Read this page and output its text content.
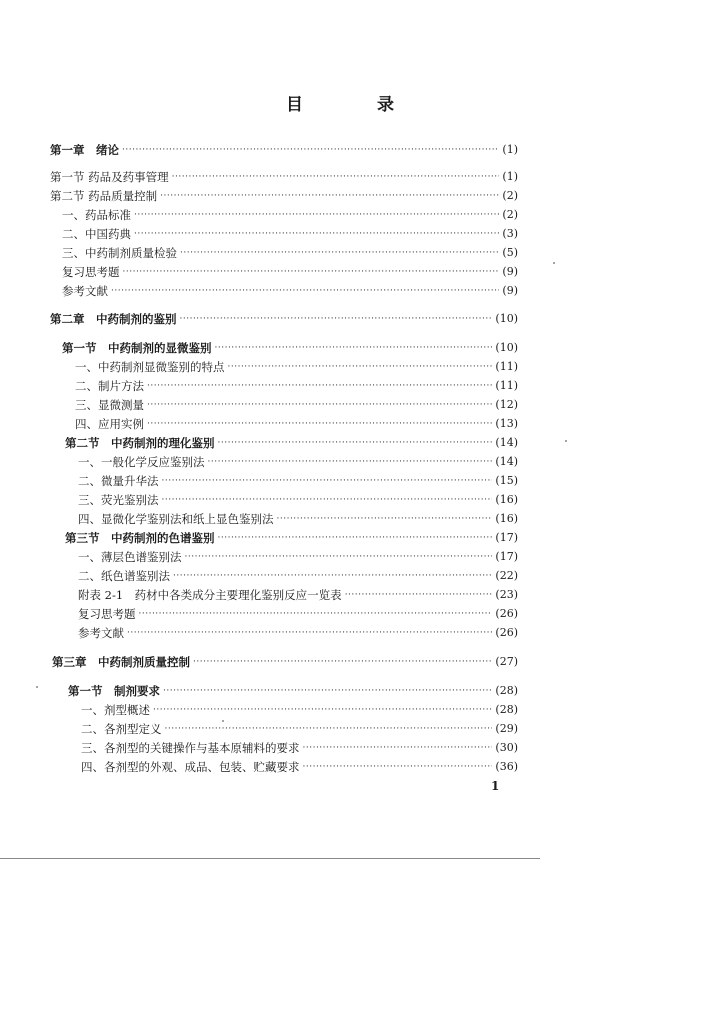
目 录
第一章　绪论 ·····	(1)
第一节 药品及药事管理 ·····	(1)
第二节 药品质量控制 ·····	(2)
一、药品标准 ·····	(2)
二、中国药典 ·····	(3)
三、中药制剂质量检验 ·····	(5)
复习思考题 ·····	(9)
参考文献 ·····	(9)
第二章　中药制剂的鉴别 ·····	(10)
第一节　中药制剂的显微鉴别 ·····	(10)
一、中药制剂显微鉴别的特点 ·····	(11)
二、制片方法 ·····	(11)
三、显微测量 ·····	(12)
四、应用实例 ·····	(13)
第二节　中药制剂的理化鉴别 ·····	(14)
一、一般化学反应鉴别法 ·····	(14)
二、微量升华法 ·····	(15)
三、荧光鉴别法 ·····	(16)
四、显微化学鉴别法和纸上显色鉴别法 ·····	(16)
第三节　中药制剂的色谱鉴别 ·····	(17)
一、薄层色谱鉴别法 ·····	(17)
二、纸色谱鉴别法 ·····	(22)
附表 2-1　药材中各类成分主要理化鉴别反应一览表 ·····	(23)
复习思考题 ·····	(26)
参考文献 ·····	(26)
第三章　中药制剂质量控制 ·····	(27)
第一节　制剂要求 ·····	(28)
一、剂型概述 ·····	(28)
二、各剂型定义 ·····	(29)
三、各剂型的关键操作与基本原辅料的要求 ·····	(30)
四、各剂型的外观、成品、包装、贮藏要求 ·····	(36)
1
